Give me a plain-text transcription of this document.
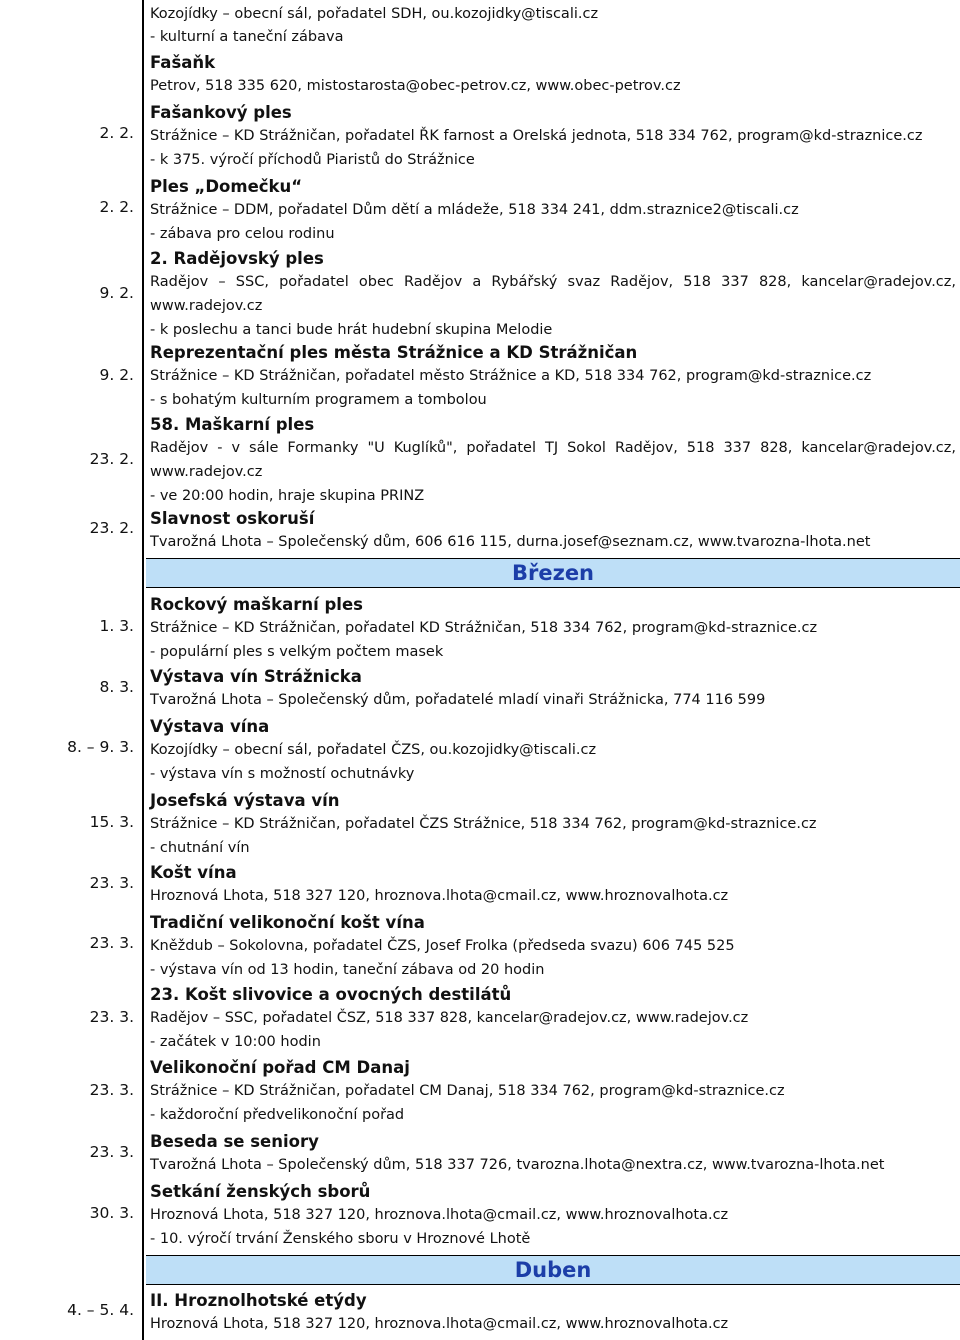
Kozojídky – obecní sál, pořadatel SDH, ou.kozojidky@tiscali.cz
- kulturní a taneční zábava
Březen
Duben
Fašaňk
Petrov, 518 335 620, mistostarosta@obec-petrov.cz, www.obec-petrov.cz
2. 2.
Fašankový ples
Strážnice – KD Strážničan, pořadatel ŘK farnost a Orelská jednota, 518 334 762, program@kd-straznice.cz
- k 375. výročí příchodů Piaristů do Strážnice
2. 2.
Ples „Domečku“
Strážnice – DDM, pořadatel Dům dětí a mládeže, 518 334 241, ddm.straznice2@tiscali.cz
- zábava pro celou rodinu
9. 2.
2. Radějovský ples
Radějov – SSC, pořadatel obec Radějov a Rybářský svaz Radějov, 518 337 828, kancelar@radejov.cz,
www.radejov.cz
- k poslechu a tanci bude hrát hudební skupina Melodie
9. 2.
Reprezentační ples města Strážnice a KD Strážničan
Strážnice – KD Strážničan, pořadatel město Strážnice a KD, 518 334 762, program@kd-straznice.cz
- s bohatým kulturním programem a tombolou
23. 2.
58. Maškarní ples
Radějov - v sále Formanky "U Kuglíků", pořadatel TJ Sokol Radějov, 518 337 828, kancelar@radejov.cz,
www.radejov.cz
- ve 20:00 hodin, hraje skupina PRINZ
23. 2. Slavnost oskoruší
Tvarožná Lhota – Společenský dům, 606 616 115, durna.josef@seznam.cz, www.tvarozna-lhota.net
1. 3.
Rockový maškarní ples
Strážnice – KD Strážničan, pořadatel KD Strážničan, 518 334 762, program@kd-straznice.cz
- populární ples s velkým počtem masek
8. 3.
Výstava vín Strážnicka
Tvarožná Lhota – Společenský dům, pořadatelé mladí vinaři Strážnicka, 774 116 599
8. – 9. 3.
Výstava vína
Kozojídky – obecní sál, pořadatel ČZS, ou.kozojidky@tiscali.cz
- výstava vín s možností ochutnávky
15. 3.
Josefská výstava vín
Strážnice – KD Strážničan, pořadatel ČZS Strážnice, 518 334 762, program@kd-straznice.cz
- chutnání vín
23. 3.
Košt vína
Hroznová Lhota, 518 327 120, hroznova.lhota@cmail.cz, www.hroznovalhota.cz
23. 3.
Tradiční velikonoční košt vína
Kněždub – Sokolovna, pořadatel ČZS, Josef Frolka (předseda svazu) 606 745 525
- výstava vín od 13 hodin, taneční zábava od 20 hodin
23. 3.
23. Košt slivovice a ovocných destilátů
Radějov – SSC, pořadatel ČSZ, 518 337 828, kancelar@radejov.cz, www.radejov.cz
- začátek v 10:00 hodin
23. 3.
Velikonoční pořad CM Danaj
Strážnice – KD Strážničan, pořadatel CM Danaj, 518 334 762, program@kd-straznice.cz
- každoroční předvelikonoční pořad
23. 3.
Beseda se seniory
Tvarožná Lhota – Společenský dům, 518 337 726, tvarozna.lhota@nextra.cz, www.tvarozna-lhota.net
30. 3.
Setkání ženských sborů
Hroznová Lhota, 518 327 120, hroznova.lhota@cmail.cz, www.hroznovalhota.cz
- 10. výročí trvání Ženského sboru v Hroznové Lhotě
4. – 5. 4. II. Hroznolhotské etýdy
Hroznová Lhota, 518 327 120, hroznova.lhota@cmail.cz, www.hroznovalhota.cz
